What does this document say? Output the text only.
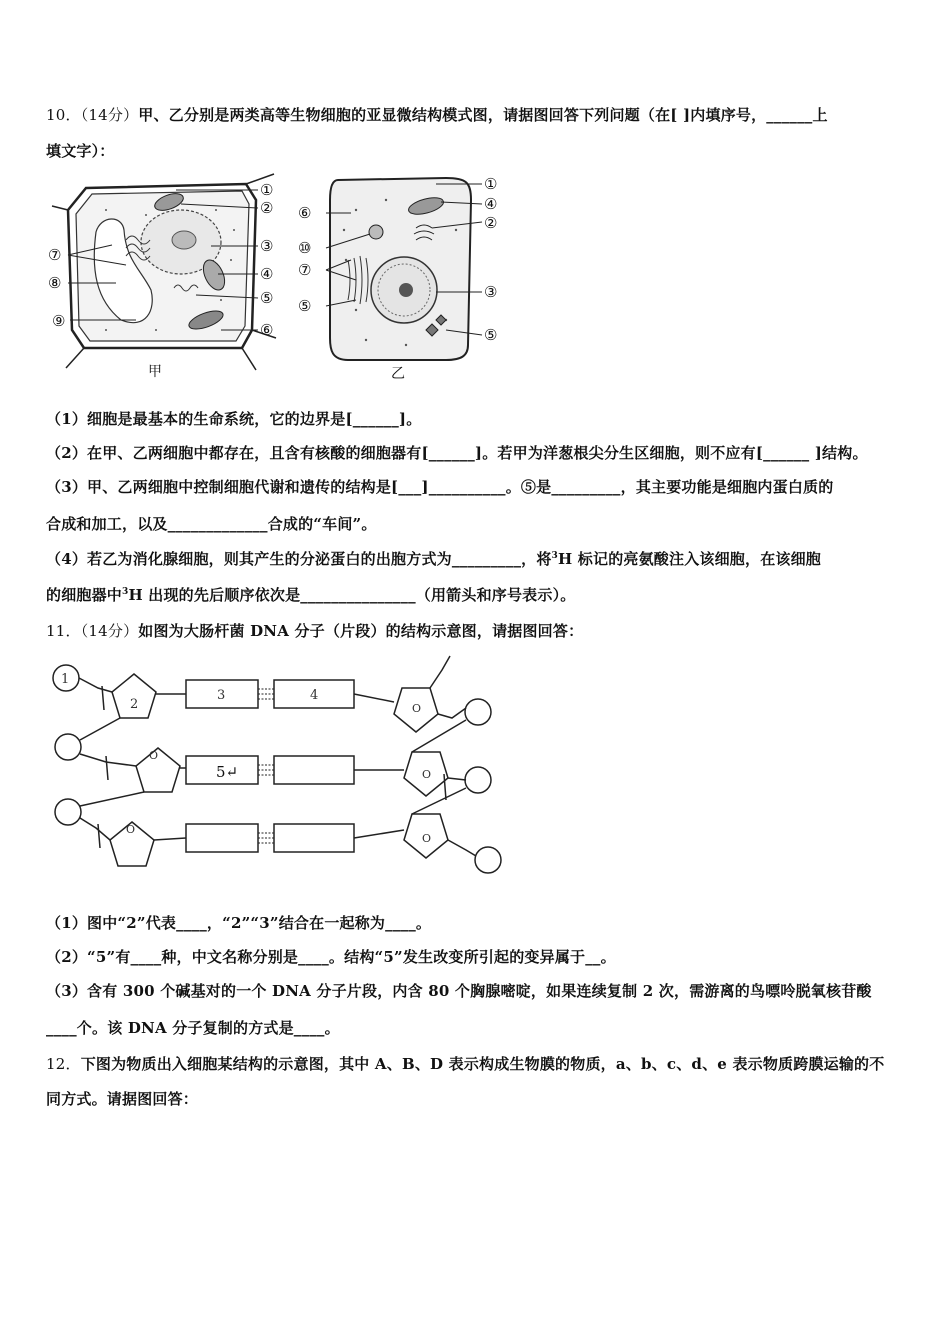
10．（14分）甲、乙分别是两类高等生物细胞的亚显微结构模式图，请据图回答下列问题（在[ ]内填序号，______上
填文字）：
①
②
③
④
⑤
⑥
⑦
⑧
⑨
甲
①
④
②
⑥
⑩
⑦
③
⑤
⑤
乙
（1）细胞是最基本的生命系统，它的边界是[______]。
（2）在甲、乙两细胞中都存在，且含有核酸的细胞器有[______]。若甲为洋葱根尖分生区细胞，则不应有[______ ]结构。
（3）甲、乙两细胞中控制细胞代谢和遗传的结构是[___]__________。⑤是_________，其主要功能是细胞内蛋白质的
合成和加工，以及_____________合成的“车间”。
（4）若乙为消化腺细胞，则其产生的分泌蛋白的出胞方式为_________，将$^3$H 标记的亮氨酸注入该细胞，在该细胞
的细胞器中$^3$H 出现的先后顺序依次是_______________（用箭头和序号表示）。
11．（14分）如图为大肠杆菌 DNA 分子（片段）的结构示意图，请据图回答：
1
2
3	4
5↵
O
O
O
O
O
（1）图中“2”代表____，“2”“3”结合在一起称为____。
（2）“5”有____种，中文名称分别是____。结构“5”发生改变所引起的变异属于__。
（3）含有 300 个碱基对的一个 DNA 分子片段，内含 80 个胸腺嘧啶，如果连续复制 2 次，需游离的鸟嘌呤脱氧核苷酸
____个。该 DNA 分子复制的方式是____。
12．下图为物质出入细胞某结构的示意图，其中 A、B、D 表示构成生物膜的物质，a、b、c、d、e 表示物质跨膜运输的不
同方式。请据图回答：
